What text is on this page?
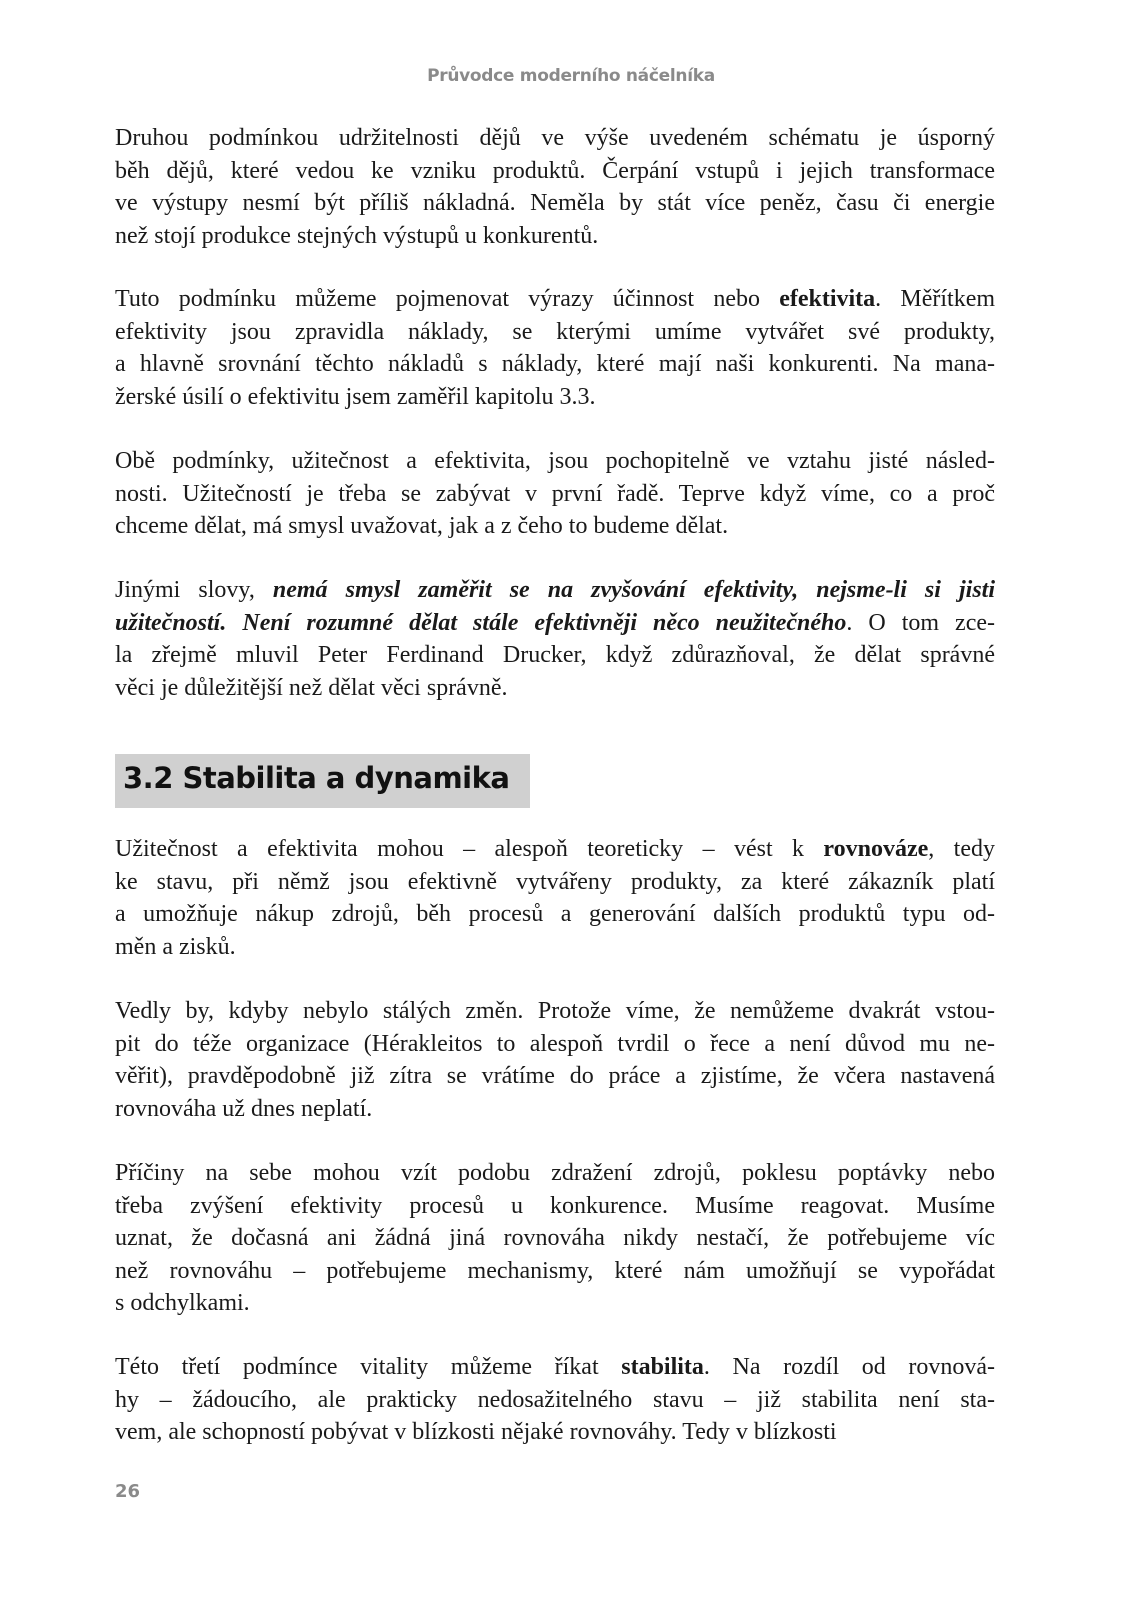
Průvodce moderního náčelníka
Druhou podmínkou udržitelnosti dějů ve výše uvedeném schématu je úsporný
běh dějů, které vedou ke vzniku produktů. Čerpání vstupů i jejich transformace
ve výstupy nesmí být příliš nákladná. Neměla by stát více peněz, času či energie
než stojí produkce stejných výstupů u konkurentů.
Tuto podmínku můžeme pojmenovat výrazy účinnost nebo efektivita. Měřítkem
efektivity jsou zpravidla náklady, se kterými umíme vytvářet své produkty,
a hlavně srovnání těchto nákladů s náklady, které mají naši konkurenti. Na mana-
žerské úsilí o efektivitu jsem zaměřil kapitolu 3.3.
Obě podmínky, užitečnost a efektivita, jsou pochopitelně ve vztahu jisté násled-
nosti. Užitečností je třeba se zabývat v první řadě. Teprve když víme, co a proč
chceme dělat, má smysl uvažovat, jak a z čeho to budeme dělat.
Jinými slovy, nemá smysl zaměřit se na zvyšování efektivity, nejsme-li si jisti
užitečností. Není rozumné dělat stále efektivněji něco neužitečného. O tom zce-
la zřejmě mluvil Peter Ferdinand Drucker, když zdůrazňoval, že dělat správné
věci je důležitější než dělat věci správně.
3.2 Stabilita a dynamika
Užitečnost a efektivita mohou – alespoň teoreticky – vést k rovnováze, tedy
ke stavu, při němž jsou efektivně vytvářeny produkty, za které zákazník platí
a umožňuje nákup zdrojů, běh procesů a generování dalších produktů typu od-
měn a zisků.
Vedly by, kdyby nebylo stálých změn. Protože víme, že nemůžeme dvakrát vstou-
pit do téže organizace (Hérakleitos to alespoň tvrdil o řece a není důvod mu ne-
věřit), pravděpodobně již zítra se vrátíme do práce a zjistíme, že včera nastavená
rovnováha už dnes neplatí.
Příčiny na sebe mohou vzít podobu zdražení zdrojů, poklesu poptávky nebo
třeba zvýšení efektivity procesů u konkurence. Musíme reagovat. Musíme
uznat, že dočasná ani žádná jiná rovnováha nikdy nestačí, že potřebujeme víc
než rovnováhu – potřebujeme mechanismy, které nám umožňují se vypořádat
s odchylkami.
Této třetí podmínce vitality můžeme říkat stabilita. Na rozdíl od rovnová-
hy – žádoucího, ale prakticky nedosažitelného stavu – již stabilita není sta-
vem, ale schopností pobývat v blízkosti nějaké rovnováhy. Tedy v blízkosti
26
